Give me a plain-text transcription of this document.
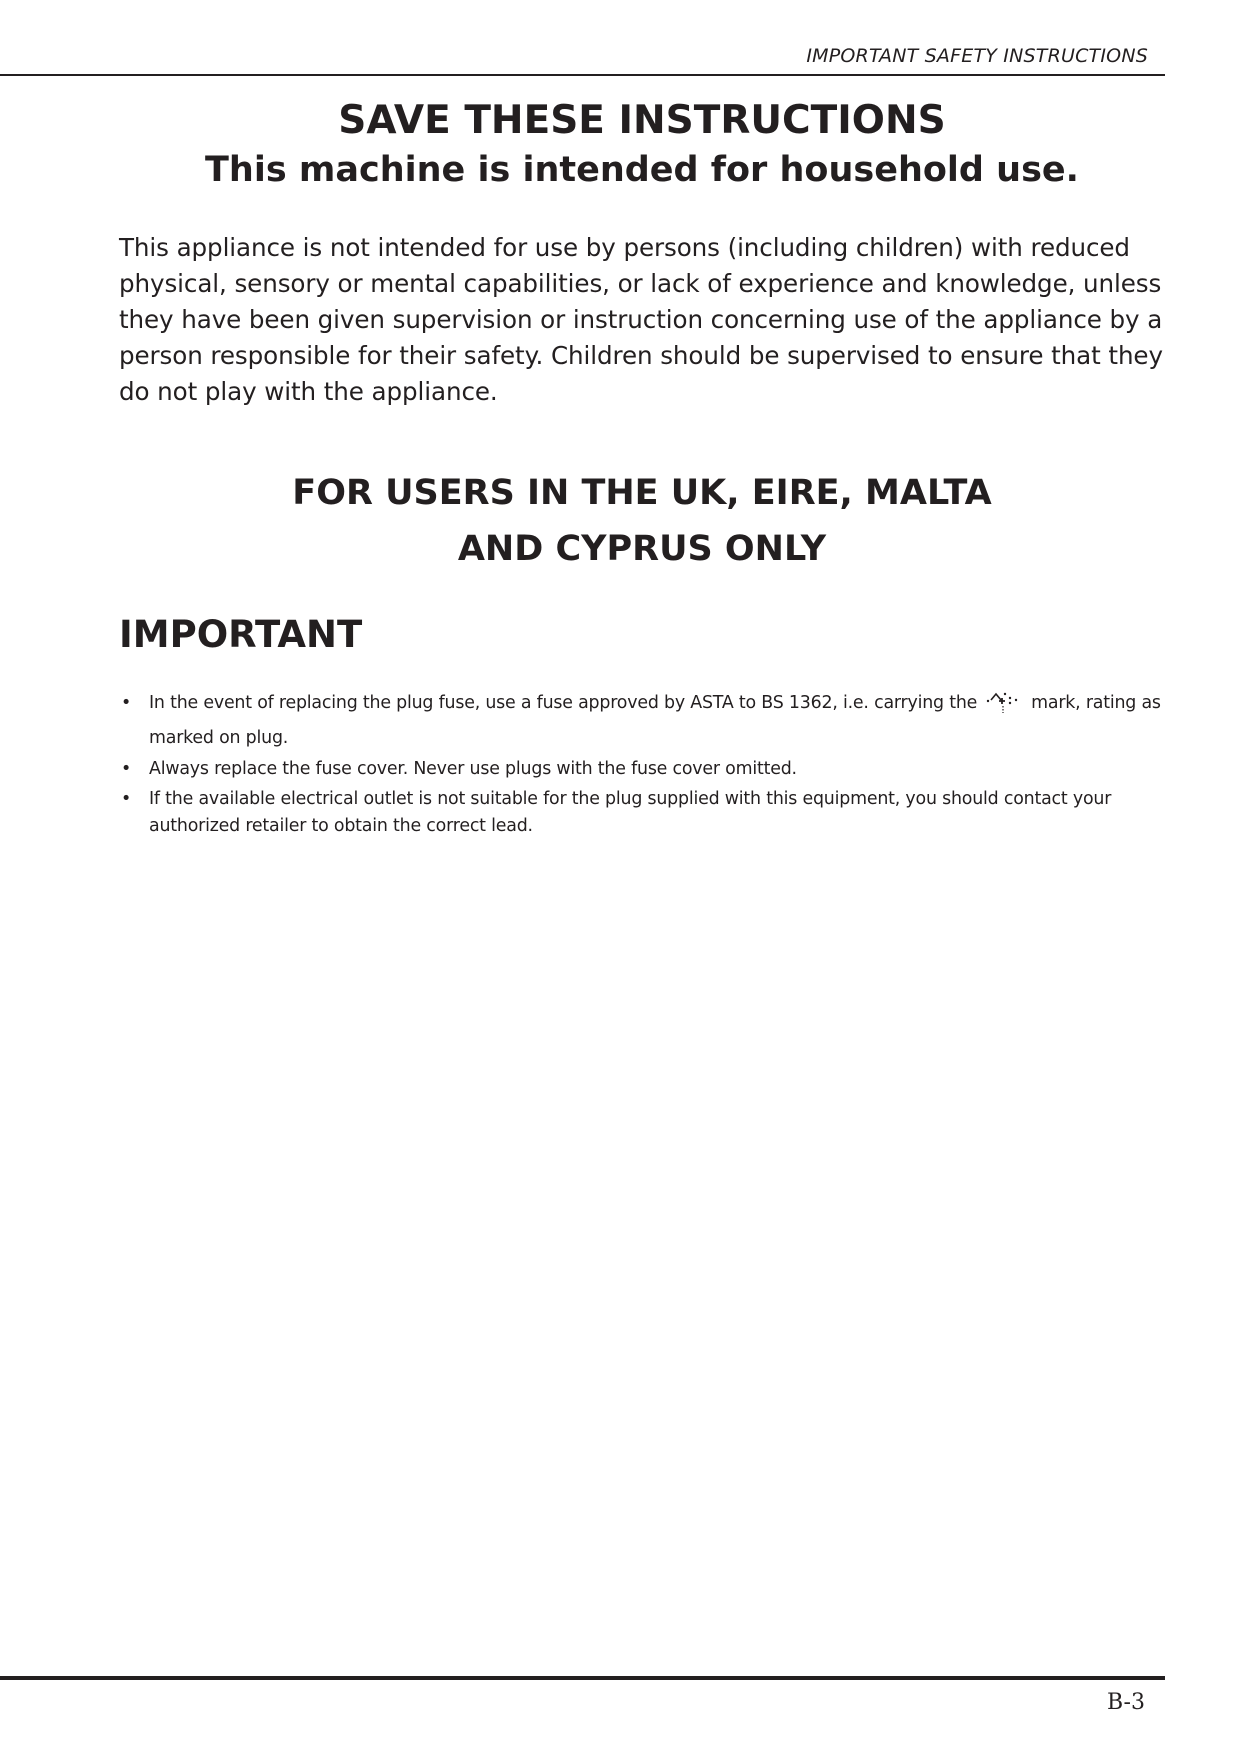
IMPORTANT SAFETY INSTRUCTIONS
SAVE THESE INSTRUCTIONS
This machine is intended for household use.

This appliance is not intended for use by persons (including children) with reduced physical, sensory or mental capabilities, or lack of experience and knowledge, unless they have been given supervision or instruction concerning use of the appliance by a person responsible for their safety. Children should be supervised to ensure that they do not play with the appliance.

FOR USERS IN THE UK, EIRE, MALTA
AND CYPRUS ONLY
IMPORTANT
• In the event of replacing the plug fuse, use a fuse approved by ASTA to BS 1362, i.e. carrying the	mark, rating as marked on plug.
• Always replace the fuse cover. Never use plugs with the fuse cover omitted.
• If the available electrical outlet is not suitable for the plug supplied with this equipment, you should contact your authorized retailer to obtain the correct lead.
B-3
